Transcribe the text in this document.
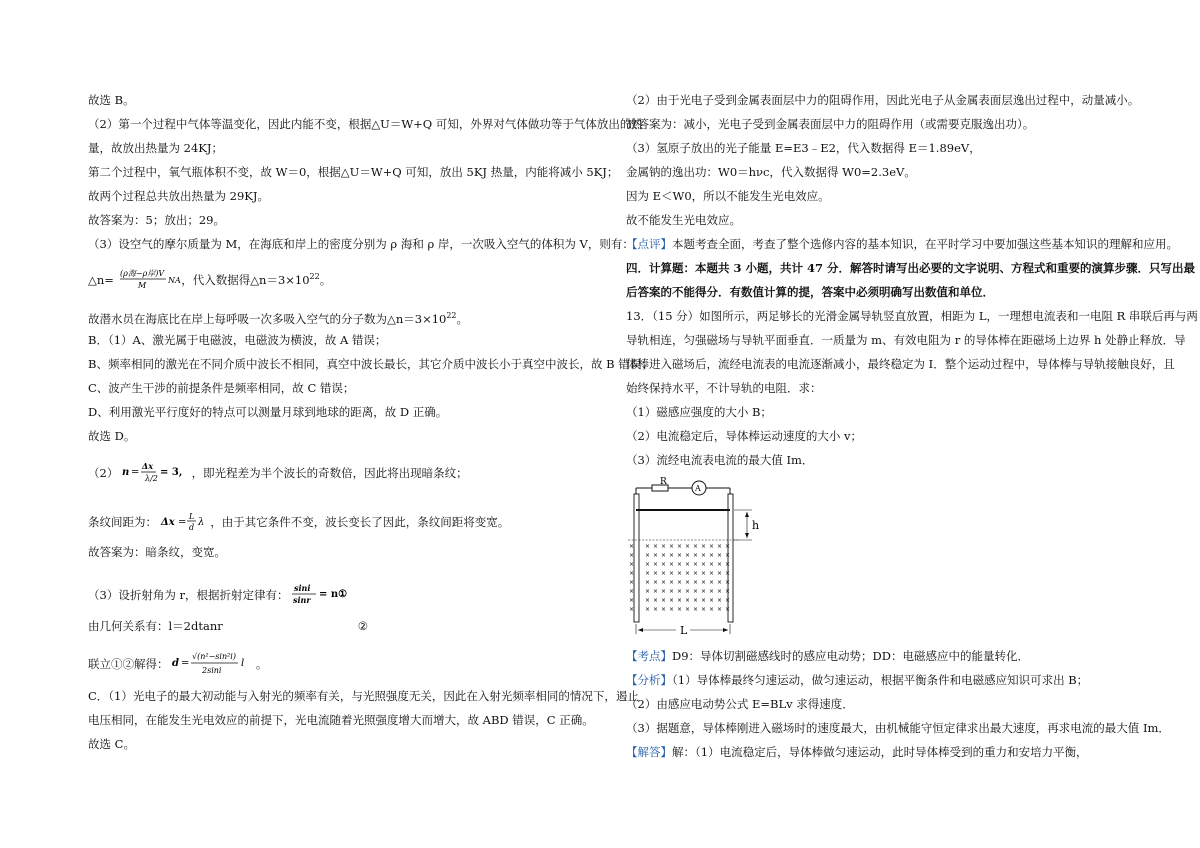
故选 B。
（2）第一个过程中气体等温变化，因此内能不变，根据△U＝W+Q 可知，外界对气体做功等于气体放出的热
量，故放出热量为 24KJ；
第二个过程中，氧气瓶体积不变，故 W＝0，根据△U＝W+Q 可知，放出 5KJ 热量，内能将减小 5KJ；
故两个过程总共放出热量为 29KJ。
故答案为：5；放出；29。
（3）设空气的摩尔质量为 M，在海底和岸上的密度分别为 ρ 海和 ρ 岸，一次吸入空气的体积为 V，则有：
△n= (ρ海−ρ岸)V
M
NA ，代入数据得$\triangle n=3\times 10^{22}$。
故潜水员在海底比在岸上每呼吸一次多吸入空气的分子数为$\triangle n=3\times 10^{22}$。
B．（1）A、激光属于电磁波，电磁波为横波，故 A 错误；
B、频率相同的激光在不同介质中波长不相同，真空中波长最长，其它介质中波长小于真空中波长，故 B 错误；
C、波产生干涉的前提条件是频率相同，故 C 错误；
D、利用激光平行度好的特点可以测量月球到地球的距离，故 D 正确。
故选 D。
（2） n =
Δx
λ/2
= 3, ，即光程差为半个波长的奇数倍，因此将出现暗条纹；
条纹间距为： Δx =
L
d λ ，由于其它条件不变，波长变长了因此，条纹间距将变宽。
故答案为：暗条纹，变宽。
（3）设折射角为 r，根据折射定律有： sini
sinr = n①
由几何关系有：l＝2dtanr	②
联立①②解得： d =
√(n²−sin²i)
2sini
l 。
C．（1）光电子的最大初动能与入射光的频率有关，与光照强度无关，因此在入射光频率相同的情况下，遏止
电压相同，在能发生光电效应的前提下，光电流随着光照强度增大而增大，故 ABD 错误，C 正确。
故选 C。
（2）由于光电子受到金属表面层中力的阻碍作用，因此光电子从金属表面层逸出过程中，动量减小。
故答案为：减小，光电子受到金属表面层中力的阻碍作用（或需要克服逸出功）。
（3）氢原子放出的光子能量 E=E3﹣E2，代入数据得 E＝1.89eV，
金属钠的逸出功：W0＝hνc，代入数据得 W0=2.3eV。
因为 E＜W0，所以不能发生光电效应。
故不能发生光电效应。
【点评】本题考查全面，考查了整个选修内容的基本知识，在平时学习中要加强这些基本知识的理解和应用。
四．计算题：本题共 3 小题，共计 47 分．解答时请写出必要的文字说明、方程式和重要的演算步骤．只写出最
后答案的不能得分．有数值计算的提，答案中必须明确写出数值和单位．
13．（15 分）如图所示，两足够长的光滑金属导轨竖直放置，相距为 L，一理想电流表和一电阻 R 串联后再与两
导轨相连，匀强磁场与导轨平面垂直．一质量为 m、有效电阻为 r 的导体棒在距磁场上边界 h 处静止释放．导
体棒进入磁场后，流经电流表的电流逐渐减小，最终稳定为 I．整个运动过程中，导体棒与导轨接触良好，且
始终保持水平，不计导轨的电阻．求：
（1）磁感应强度的大小 B；
（2）电流稳定后，导体棒运动速度的大小 v；
（3）流经电流表电流的最大值 Im．
× × × × × × × × × × × ×
× × × × × × × × × × × ×
× × × × × × × × × × × ×
× × × × × × × × × × × ×
× × × × × × × × × × × ×
× × × × × × × × × × × ×
× × × × × × × × × × × ×
× × × × × × × × × × × ×
R
A
h
L
【考点】D9：导体切割磁感线时的感应电动势；DD：电磁感应中的能量转化．
【分析】（1）导体棒最终匀速运动，做匀速运动，根据平衡条件和电磁感应知识可求出 B；
（2）由感应电动势公式 E=BLv 求得速度．
（3）据题意，导体棒刚进入磁场时的速度最大，由机械能守恒定律求出最大速度，再求电流的最大值 Im．
【解答】解：（1）电流稳定后，导体棒做匀速运动，此时导体棒受到的重力和安培力平衡，
